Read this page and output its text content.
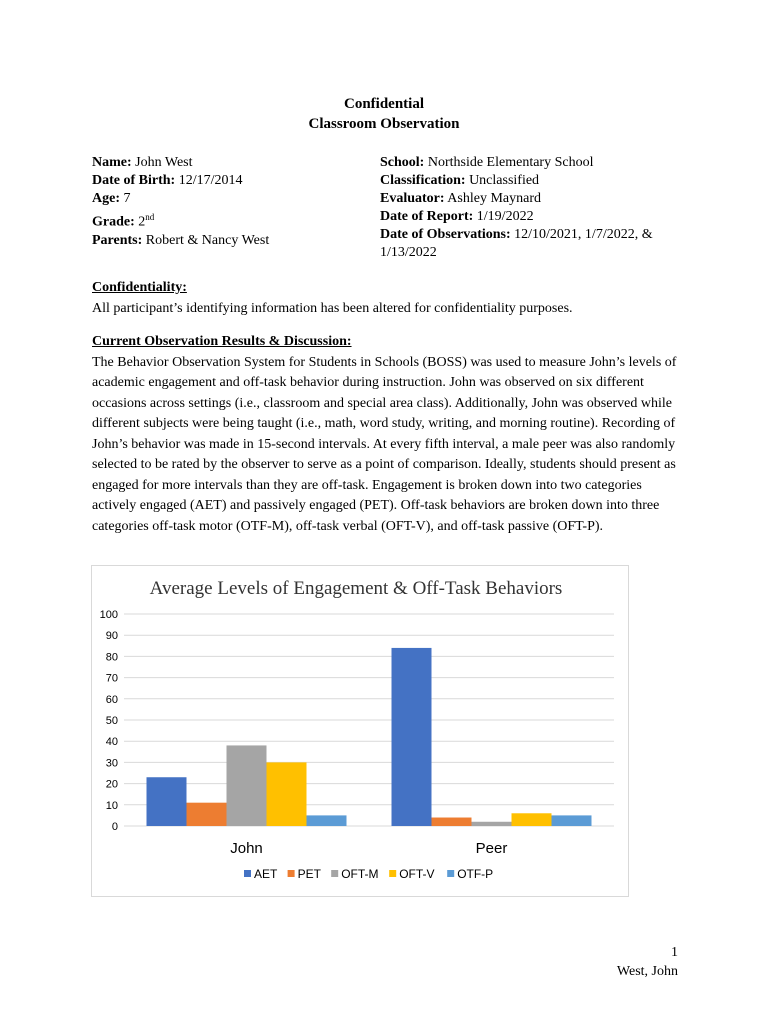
Confidential
Classroom Observation
Name: John West
Date of Birth: 12/17/2014
Age: 7
Grade: 2nd
Parents: Robert & Nancy West
School: Northside Elementary School
Classification: Unclassified
Evaluator: Ashley Maynard
Date of Report: 1/19/2022
Date of Observations: 12/10/2021, 1/7/2022, & 1/13/2022
Confidentiality:
All participant’s identifying information has been altered for confidentiality purposes.
Current Observation Results & Discussion:
The Behavior Observation System for Students in Schools (BOSS) was used to measure John’s levels of academic engagement and off-task behavior during instruction. John was observed on six different occasions across settings (i.e., classroom and special area class). Additionally, John was observed while different subjects were being taught (i.e., math, word study, writing, and morning routine). Recording of John’s behavior was made in 15-second intervals. At every fifth interval, a male peer was also randomly selected to be rated by the observer to serve as a point of comparison. Ideally, students should present as engaged for more intervals than they are off-task. Engagement is broken down into two categories actively engaged (AET) and passively engaged (PET). Off-task behaviors are broken down into three categories off-task motor (OTF-M), off-task verbal (OFT-V), and off-task passive (OFT-P).
Average Levels of Engagement & Off-Task Behaviors
0
10
20
30
40
50
60
70
80
90
100
John	Peer
AET PET OFT-M OFT-V OTF-P
1
West, John
